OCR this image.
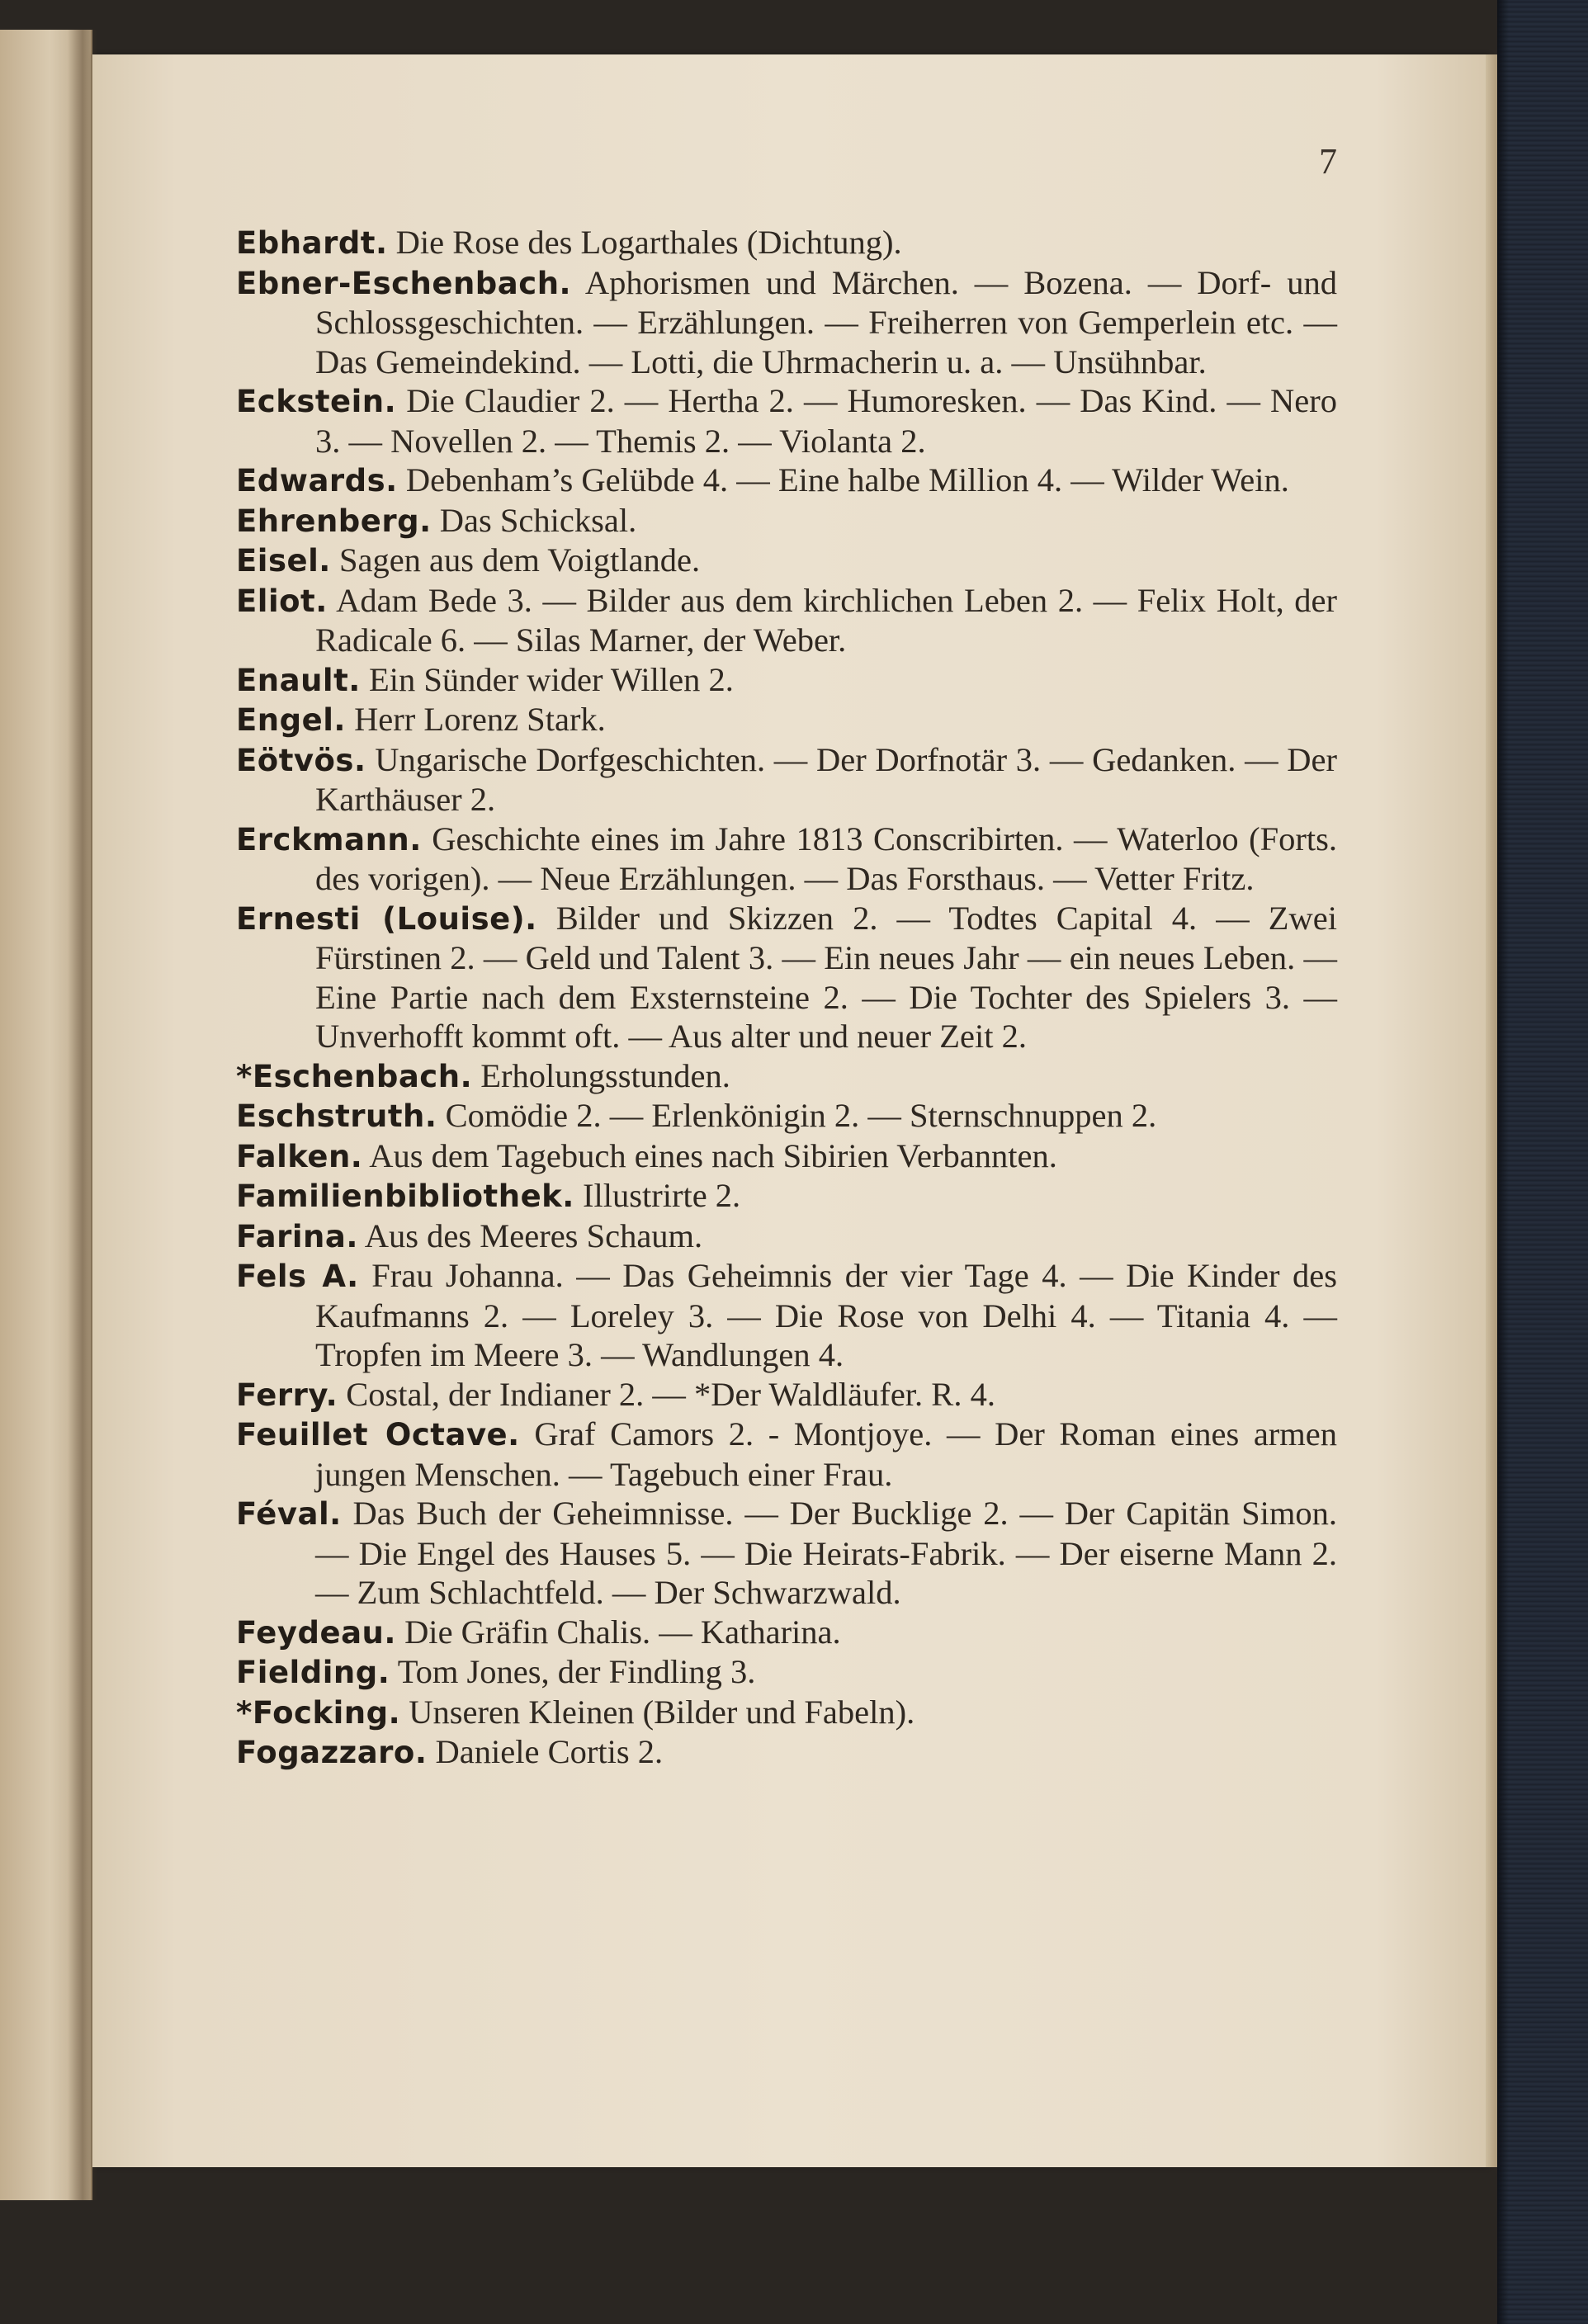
7
Ebhardt. Die Rose des Logarthales (Dichtung).
Ebner-Eschenbach. Aphorismen und Märchen. — Bozena. — Dorf- und Schlossgeschichten. — Erzählungen. — Freiherren von Gemperlein etc. — Das Gemeindekind. — Lotti, die Uhrmacherin u. a. — Unsühnbar.
Eckstein. Die Claudier 2. — Hertha 2. — Humoresken. — Das Kind. — Nero 3. — Novellen 2. — Themis 2. — Violanta 2.
Edwards. Debenham’s Gelübde 4. — Eine halbe Million 4. — Wilder Wein.
Ehrenberg. Das Schicksal.
Eisel. Sagen aus dem Voigtlande.
Eliot. Adam Bede 3. — Bilder aus dem kirchlichen Leben 2. — Felix Holt, der Radicale 6. — Silas Marner, der Weber.
Enault. Ein Sünder wider Willen 2.
Engel. Herr Lorenz Stark.
Eötvös. Ungarische Dorfgeschichten. — Der Dorfnotär 3. — Gedanken. — Der Karthäuser 2.
Erckmann. Geschichte eines im Jahre 1813 Conscribirten. — Waterloo (Forts. des vorigen). — Neue Erzählungen. — Das Forsthaus. — Vetter Fritz.
Ernesti (Louise). Bilder und Skizzen 2. — Todtes Capital 4. — Zwei Fürstinen 2. — Geld und Talent 3. — Ein neues Jahr — ein neues Leben. — Eine Partie nach dem Exsternsteine 2. — Die Tochter des Spielers 3. — Unverhofft kommt oft. — Aus alter und neuer Zeit 2.
*Eschenbach. Erholungsstunden.
Eschstruth. Comödie 2. — Erlenkönigin 2. — Sternschnuppen 2.
Falken. Aus dem Tagebuch eines nach Sibirien Verbannten.
Familienbibliothek. Illustrirte 2.
Farina. Aus des Meeres Schaum.
Fels A. Frau Johanna. — Das Geheimnis der vier Tage 4. — Die Kinder des Kaufmanns 2. — Loreley 3. — Die Rose von Delhi 4. — Titania 4. — Tropfen im Meere 3. — Wandlungen 4.
Ferry. Costal, der Indianer 2. — *Der Waldläufer. R. 4.
Feuillet Octave. Graf Camors 2. - Montjoye. — Der Roman eines armen jungen Menschen. — Tagebuch einer Frau.
Féval. Das Buch der Geheimnisse. — Der Bucklige 2. — Der Capitän Simon. — Die Engel des Hauses 5. — Die Heirats-Fabrik. — Der eiserne Mann 2. — Zum Schlachtfeld. — Der Schwarzwald.
Feydeau. Die Gräfin Chalis. — Katharina.
Fielding. Tom Jones, der Findling 3.
*Focking. Unseren Kleinen (Bilder und Fabeln).
Fogazzaro. Daniele Cortis 2.
